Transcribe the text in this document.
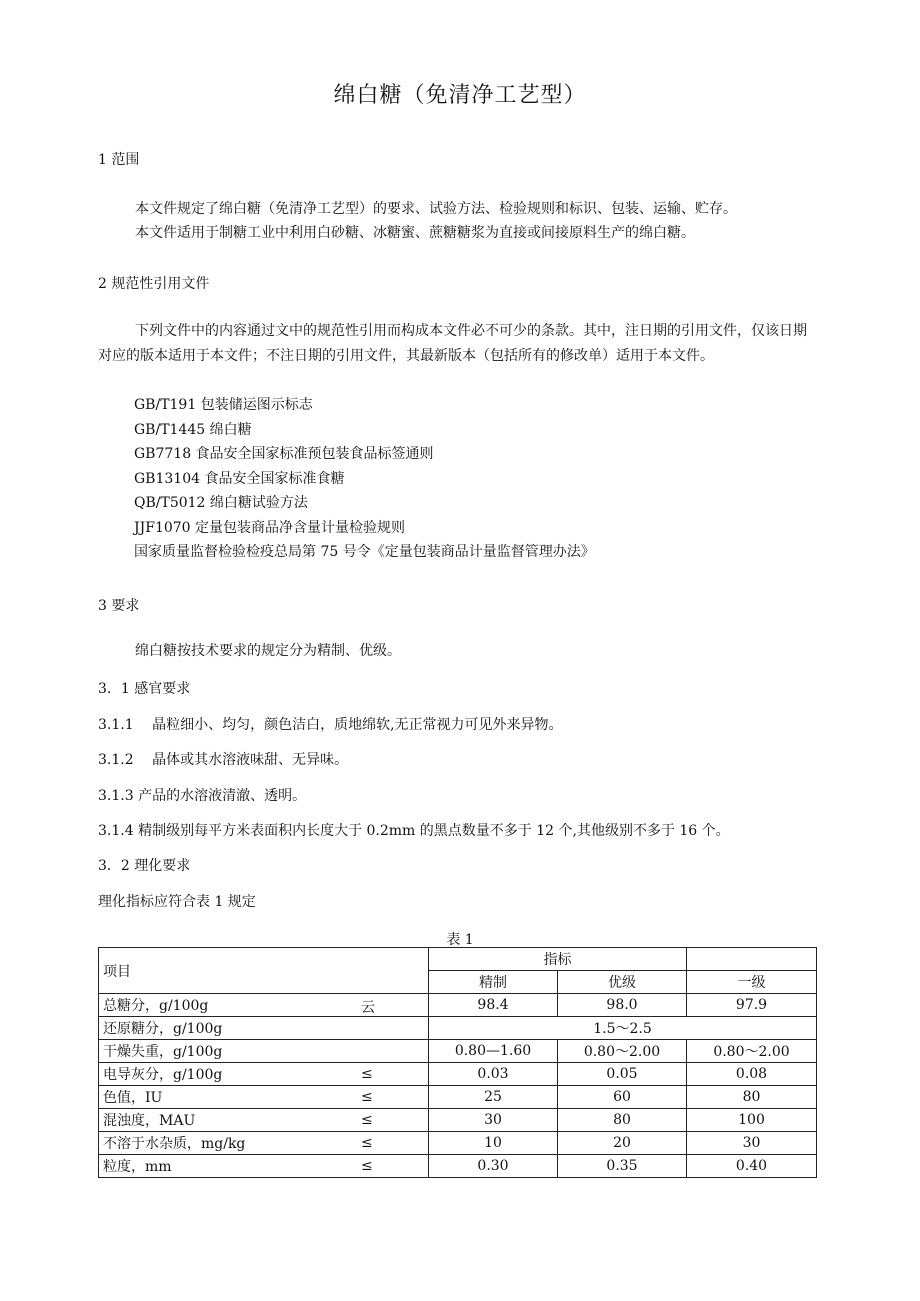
绵白糖（免清净工艺型）
1 范围
本文件规定了绵白糖（免清净工艺型）的要求、试验方法、检验规则和标识、包装、运输、贮存。
本文件适用于制糖工业中利用白砂糖、冰糖蜜、蔗糖糖浆为直接或间接原料生产的绵白糖。
2 规范性引用文件
下列文件中的内容通过文中的规范性引用而构成本文件必不可少的条款。其中，注日期的引用文件，仅该日期对应的版本适用于本文件；不注日期的引用文件，其最新版本（包括所有的修改单）适用于本文件。
GB/T191 包装储运图示标志
GB/T1445 绵白糖
GB7718 食品安全国家标准预包装食品标签通则
GB13104 食品安全国家标准食糖
QB/T5012 绵白糖试验方法
JJF1070 定量包装商品净含量计量检验规则
国家质量监督检验检疫总局第 75 号令《定量包装商品计量监督管理办法》
3 要求
绵白糖按技术要求的规定分为精制、优级。
3．1 感官要求
3.1.1　 晶粒细小、均匀，颜色洁白，质地绵软,无正常视力可见外来异物。
3.1.2　 晶体或其水溶液味甜、无异味。
3.1.3 产品的水溶液清澈、透明。
3.1.4 精制级别每平方米表面积内长度大于 0.2mm 的黑点数量不多于 12 个,其他级别不多于 16 个。
3．2 理化要求
理化指标应符合表 1 规定
表 1
项目	指标		
	精制	优级	一级
总糖分，g/100g 云	98.4	98.0	97.9
还原糖分，g/100g	1.5～2.5		
干燥失重，g/100g	0.80—1.60	0.80～2.00	0.80～2.00
电导灰分，g/100g ≤	0.03	0.05	0.08
色值，IU ≤	25	60	80
混浊度，MAU ≤	30	80	100
不溶于水杂质，mg/kg ≤	10	20	30
粒度，mm ≤	0.30	0.35	0.40
